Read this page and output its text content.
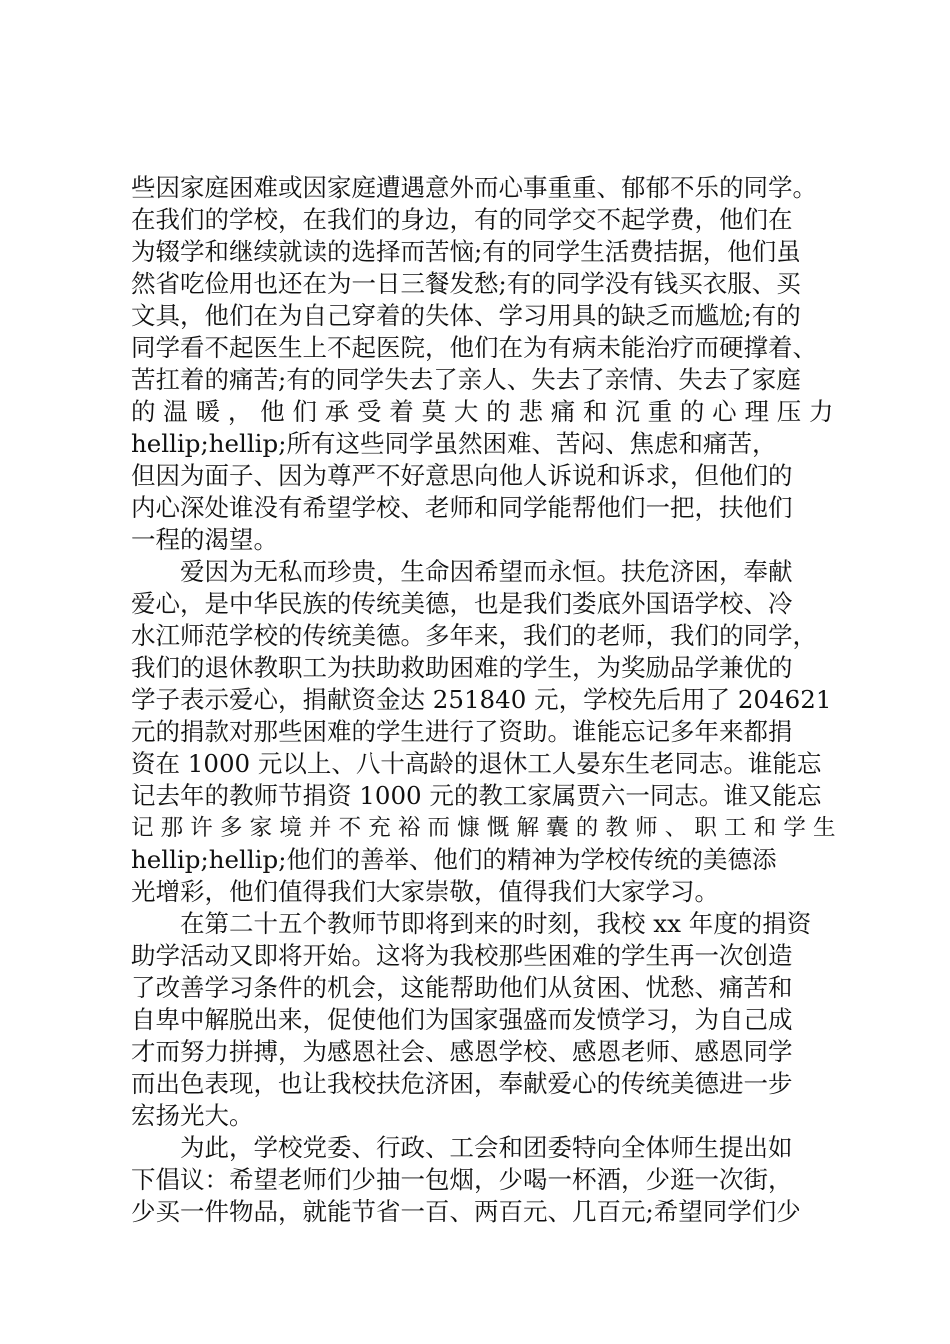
些因家庭困难或因家庭遭遇意外而心事重重、郁郁不乐的同学。
在我们的学校，在我们的身边，有的同学交不起学费，他们在
为辍学和继续就读的选择而苦恼;有的同学生活费拮据，他们虽
然省吃俭用也还在为一日三餐发愁;有的同学没有钱买衣服、买
文具，他们在为自己穿着的失体、学习用具的缺乏而尴尬;有的
同学看不起医生上不起医院，他们在为有病未能治疗而硬撑着、
苦扛着的痛苦;有的同学失去了亲人、失去了亲情、失去了家庭
的 温 暖 ， 他 们 承 受 着 莫 大 的 悲 痛 和 沉 重 的 心 理 压 力
hellip;hellip;所有这些同学虽然困难、苦闷、焦虑和痛苦，
但因为面子、因为尊严不好意思向他人诉说和诉求，但他们的
内心深处谁没有希望学校、老师和同学能帮他们一把，扶他们
一程的渴望。
爱因为无私而珍贵，生命因希望而永恒。扶危济困，奉献
爱心，是中华民族的传统美德，也是我们娄底外国语学校、冷
水江师范学校的传统美德。多年来，我们的老师，我们的同学，
我们的退休教职工为扶助救助困难的学生，为奖励品学兼优的
学子表示爱心，捐献资金达 251840 元，学校先后用了 204621
元的捐款对那些困难的学生进行了资助。谁能忘记多年来都捐
资在 1000 元以上、八十高龄的退休工人晏东生老同志。谁能忘
记去年的教师节捐资 1000 元的教工家属贾六一同志。谁又能忘
记 那 许 多 家 境 并 不 充 裕 而 慷 慨 解 囊 的 教 师 、 职 工 和 学 生
hellip;hellip;他们的善举、他们的精神为学校传统的美德添
光增彩，他们值得我们大家崇敬，值得我们大家学习。
在第二十五个教师节即将到来的时刻，我校 xx 年度的捐资
助学活动又即将开始。这将为我校那些困难的学生再一次创造
了改善学习条件的机会，这能帮助他们从贫困、忧愁、痛苦和
自卑中解脱出来，促使他们为国家强盛而发愤学习，为自己成
才而努力拼搏，为感恩社会、感恩学校、感恩老师、感恩同学
而出色表现，也让我校扶危济困，奉献爱心的传统美德进一步
宏扬光大。
为此，学校党委、行政、工会和团委特向全体师生提出如
下倡议：希望老师们少抽一包烟，少喝一杯酒，少逛一次街，
少买一件物品，就能节省一百、两百元、几百元;希望同学们少
